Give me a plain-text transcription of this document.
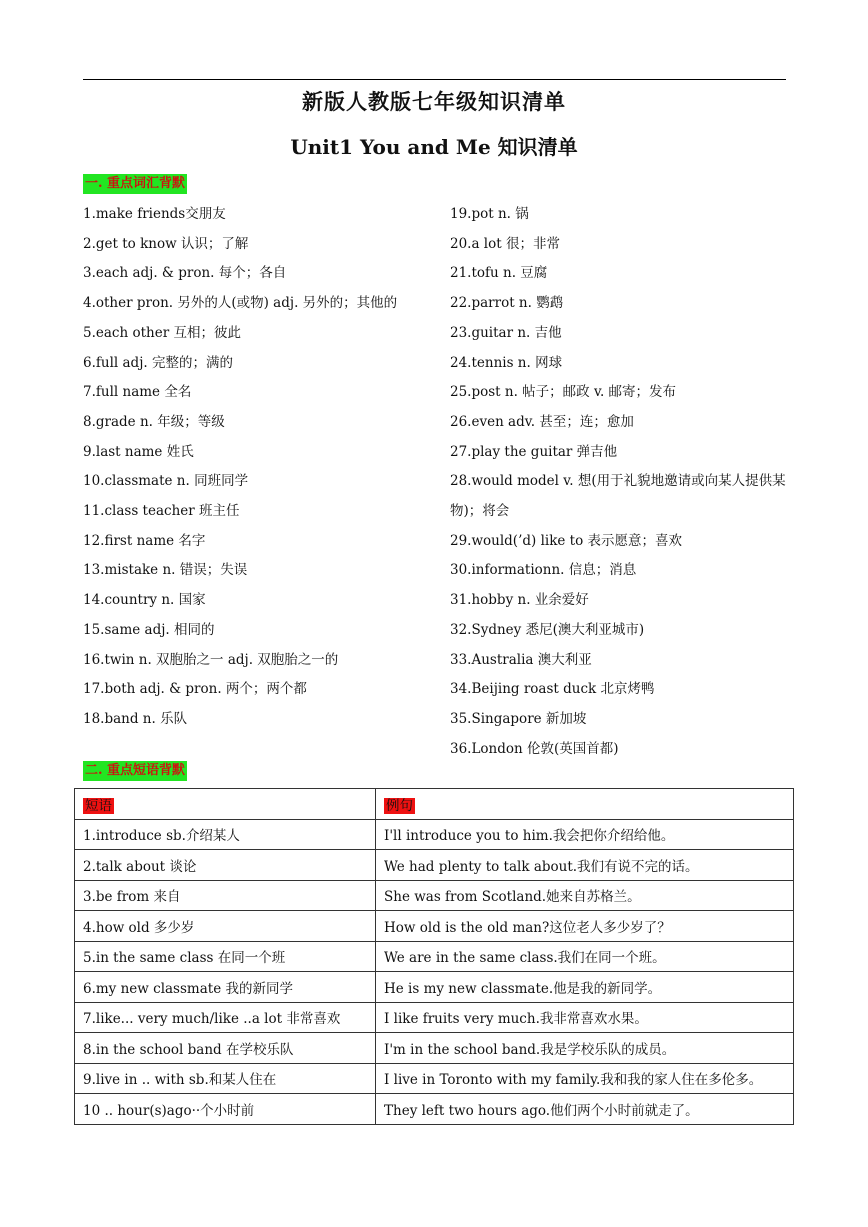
新版人教版七年级知识清单
Unit1 You and Me 知识清单
一. 重点词汇背默
1.make friends交朋友
2.get to know 认识；了解
3.each adj. & pron. 每个；各自
4.other pron. 另外的人(或物) adj. 另外的；其他的
5.each other 互相；彼此
6.full adj. 完整的；满的
7.full name 全名
8.grade n. 年级；等级
9.last name 姓氏
10.classmate n. 同班同学
11.class teacher 班主任
12.first name 名字
13.mistake n. 错误；失误
14.country n. 国家
15.same adj. 相同的
16.twin n. 双胞胎之一 adj. 双胞胎之一的
17.both adj. & pron. 两个；两个都
18.band n. 乐队
19.pot n. 锅
20.a lot 很；非常
21.tofu n. 豆腐
22.parrot n. 鹦鹉
23.guitar n. 吉他
24.tennis n. 网球
25.post n. 帖子；邮政 v. 邮寄；发布
26.even adv. 甚至；连；愈加
27.play the guitar 弹吉他
28.would model v. 想(用于礼貌地邀请或向某人提供某物)；将会
29.would(’d) like to 表示愿意；喜欢
30.informationn. 信息；消息
31.hobby n. 业余爱好
32.Sydney 悉尼(澳大利亚城市)
33.Australia 澳大利亚
34.Beijing roast duck 北京烤鸭
35.Singapore 新加坡
36.London 伦敦(英国首都)
二. 重点短语背默
短语	例句
1.introduce sb.介绍某人	I'll introduce you to him.我会把你介绍给他。
2.talk about 谈论	We had plenty to talk about.我们有说不完的话。
3.be from 来自	She was from Scotland.她来自苏格兰。
4.how old 多少岁	How old is the old man?这位老人多少岁了？
5.in the same class 在同一个班	We are in the same class.我们在同一个班。
6.my new classmate 我的新同学	He is my new classmate.他是我的新同学。
7.like... very much/like ..a lot 非常喜欢	I like fruits very much.我非常喜欢水果。
8.in the school band 在学校乐队	I'm in the school band.我是学校乐队的成员。
9.live in .. with sb.和某人住在	I live in Toronto with my family.我和我的家人住在多伦多。
10 .. hour(s)ago··个小时前	They left two hours ago.他们两个小时前就走了。
